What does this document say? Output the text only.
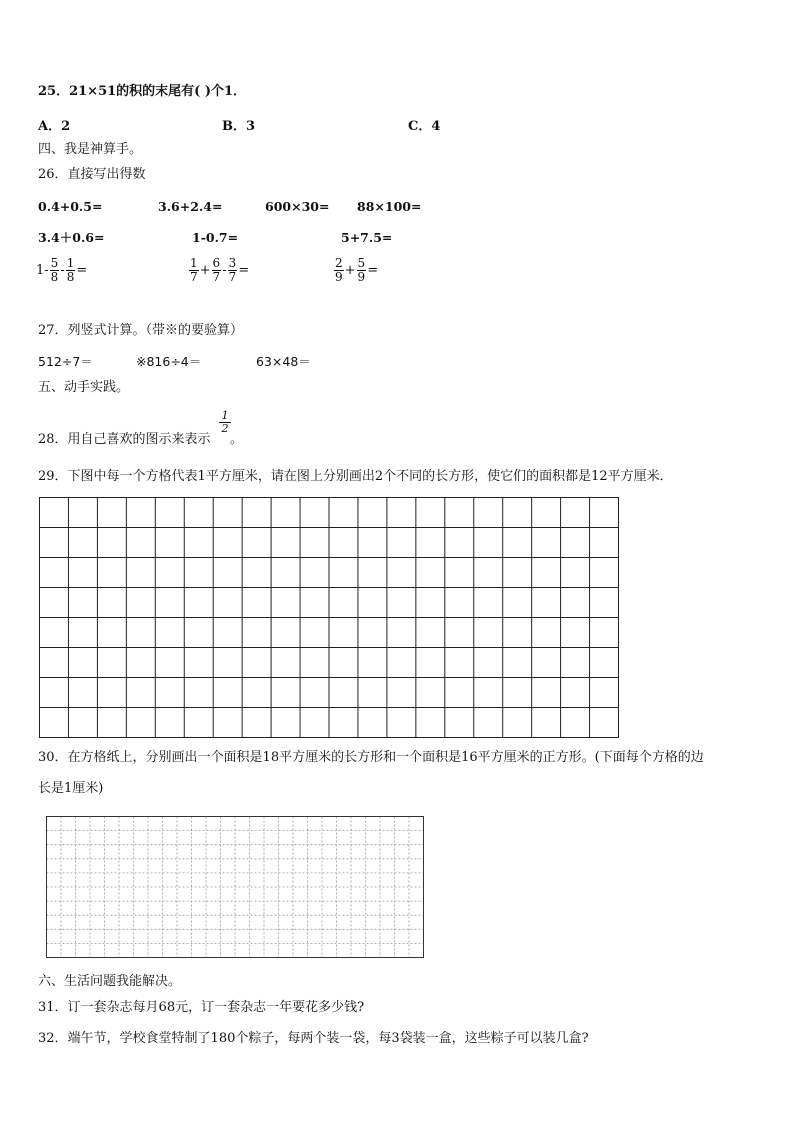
25．21×51的积的末尾有( )个1．
A．2	B．3	C．4
四、我是神算手。
26．直接写出得数
0.4+0.5=	3.6+2.4=	600×30= 88×100=
3.4＋0.6=	1-0.7=	5+7.5=
$1- \frac{5}{8} - \frac{1}{8}$ =	$\frac{1}{7} + \frac{6}{7} - \frac{3}{7}$ =	$\frac{2}{9} + \frac{5}{9}$ =
27．列竖式计算。（带※的要验算）
512÷7＝	※816÷4＝	63×48＝
五、动手实践。
28．用自己喜欢的图示来表示
$\frac{1}{2}$
。
29．下图中每一个方格代表1平方厘米，请在图上分别画出2个不同的长方形，使它们的面积都是12平方厘米．
30．在方格纸上，分别画出一个面积是18平方厘米的长方形和一个面积是16平方厘米的正方形。(下面每个方格的边
长是1厘米)
六、生活问题我能解决。
31．订一套杂志每月68元，订一套杂志一年要花多少钱?
32．端午节，学校食堂特制了180个粽子，每两个装一袋，每3袋装一盒，这些粽子可以装几盒?
